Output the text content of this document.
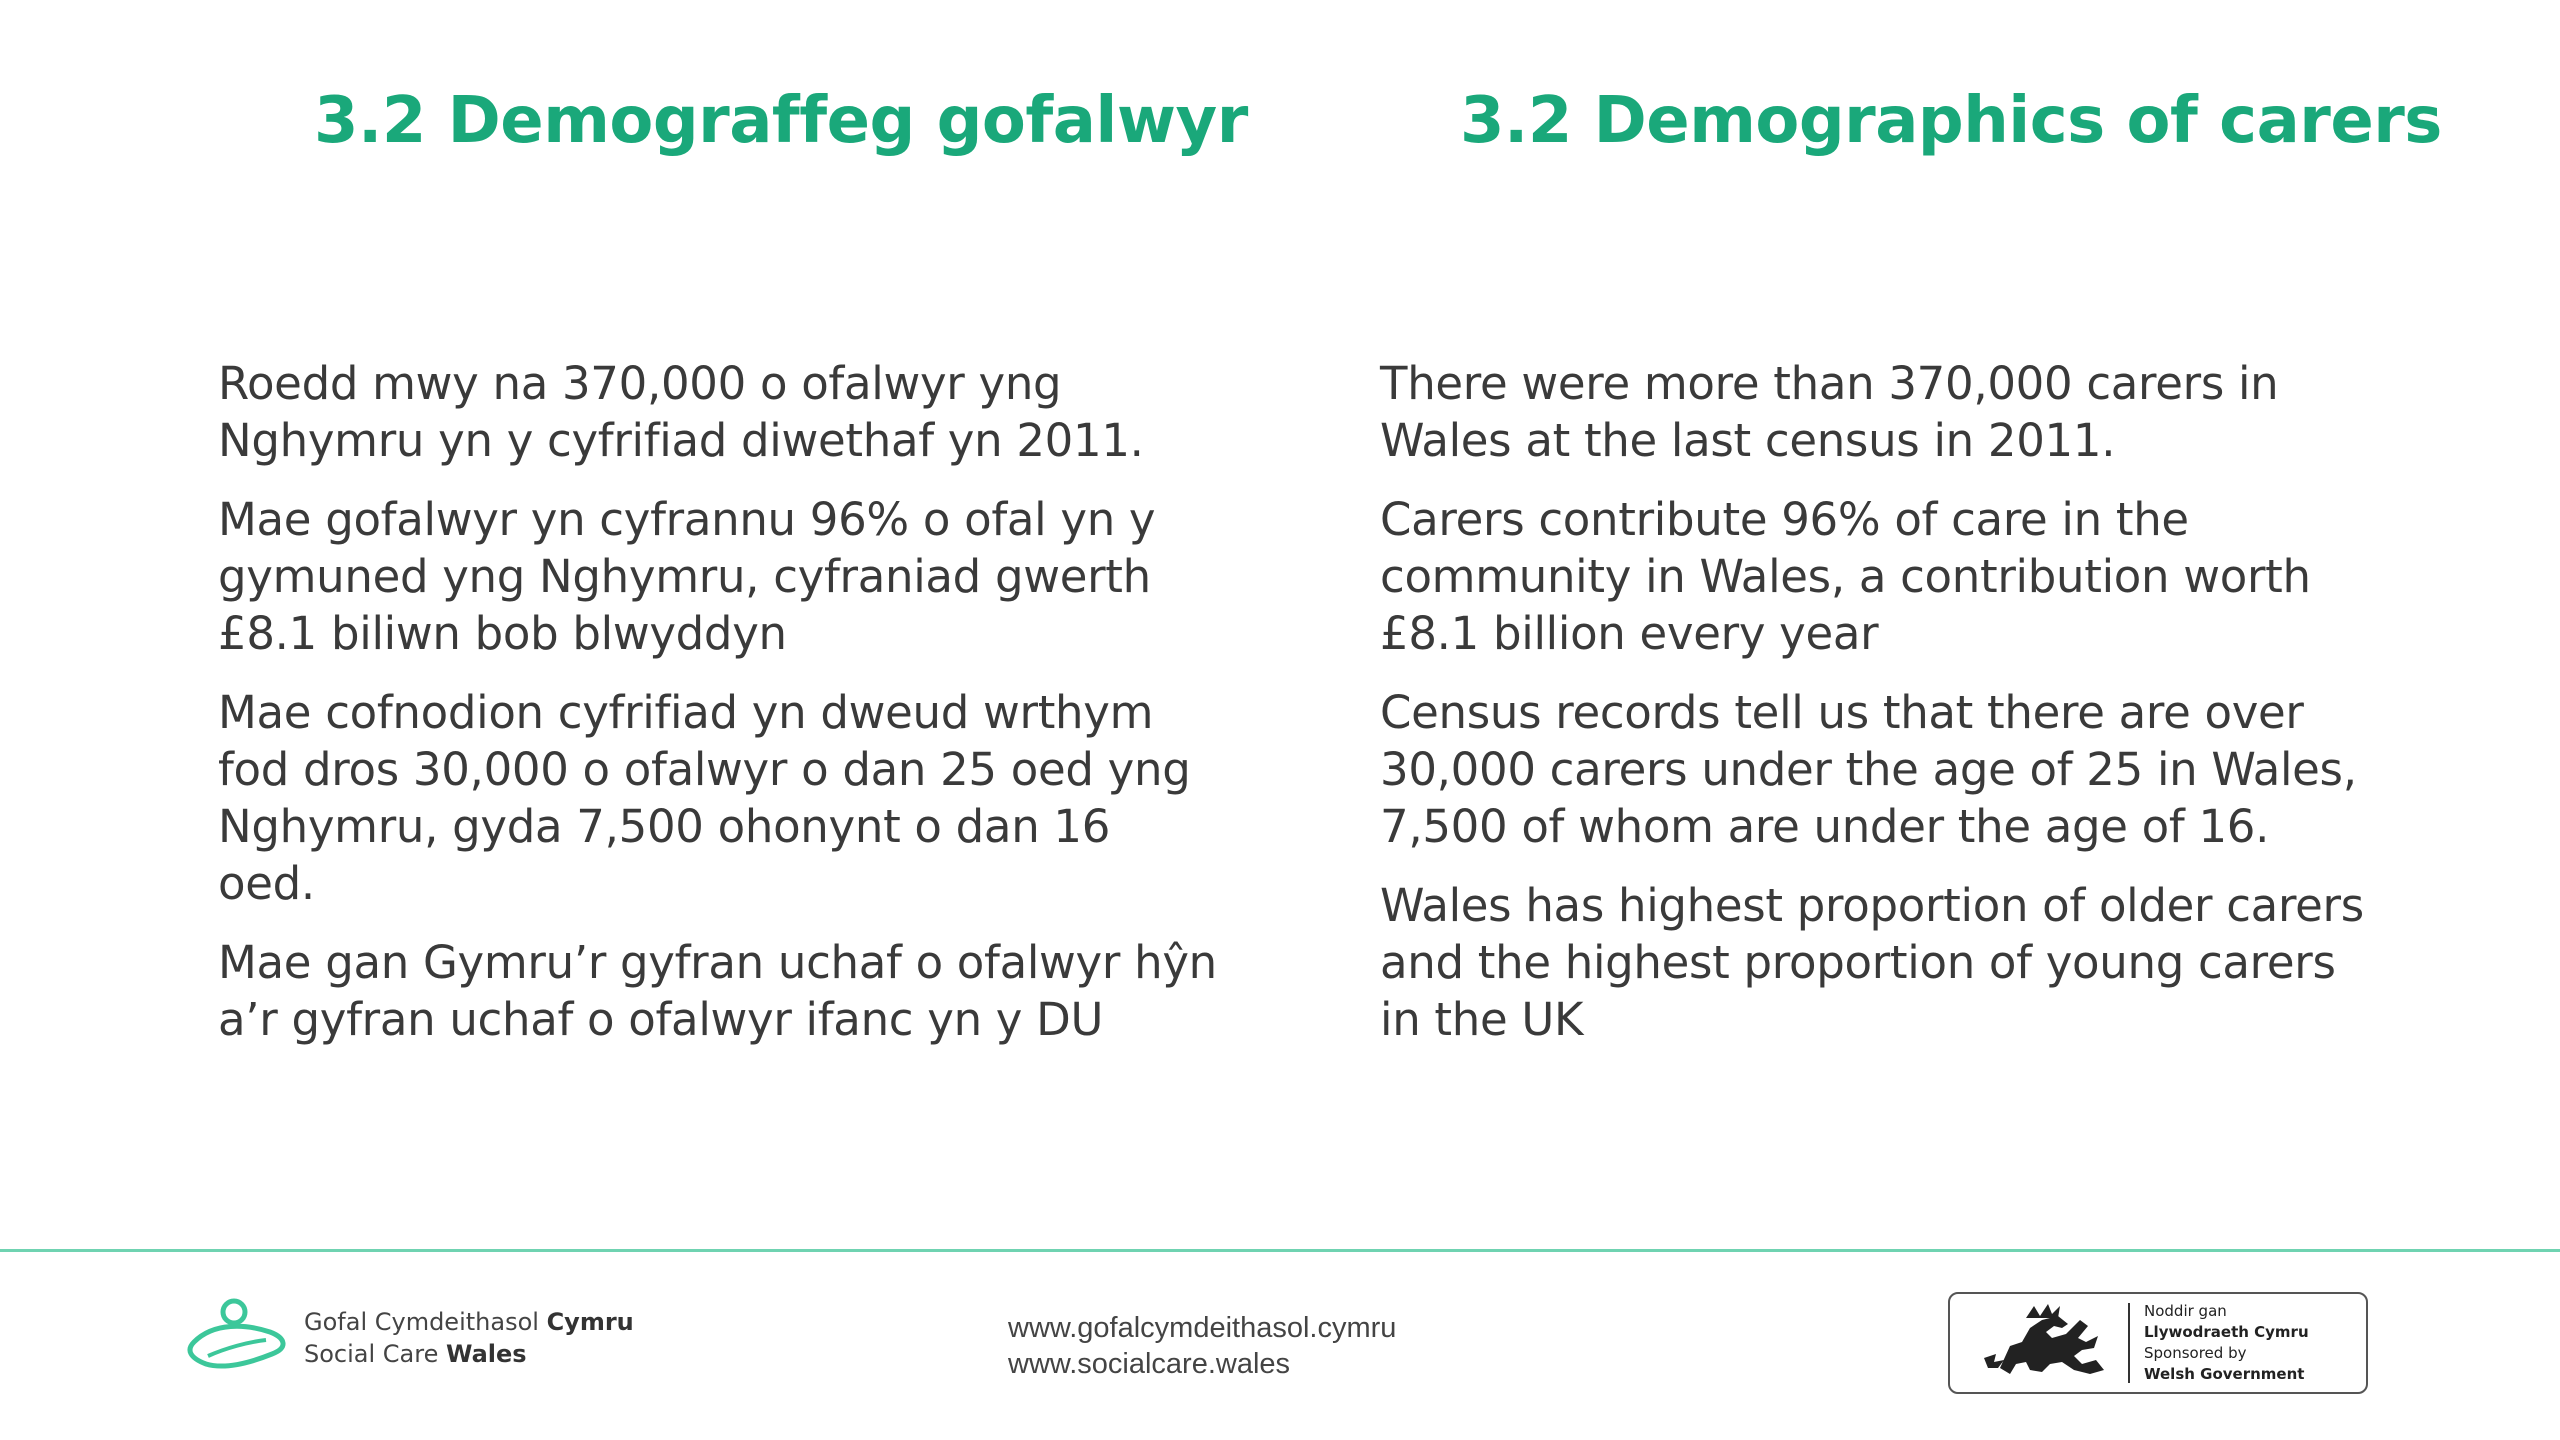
3.2 Demograffeg gofalwyr

Roedd mwy na 370,000 o ofalwyr yng Nghymru yn y cyfrifiad diwethaf yn 2011.

Mae gofalwyr yn cyfrannu 96% o ofal yn y gymuned yng Nghymru, cyfraniad gwerth £8.1 biliwn bob blwyddyn

Mae cofnodion cyfrifiad yn dweud wrthym fod dros 30,000 o ofalwyr o dan 25 oed yng Nghymru, gyda 7,500 ohonynt o dan 16 oed.

Mae gan Gymru’r gyfran uchaf o ofalwyr hŷn a’r gyfran uchaf o ofalwyr ifanc yn y DU

3.2 Demographics of carers

There were more than 370,000 carers in Wales at the last census in 2011.

Carers contribute 96% of care in the community in Wales, a contribution worth £8.1 billion every year

Census records tell us that there are over 30,000 carers under the age of 25 in Wales, 7,500 of whom are under the age of 16.

Wales has highest proportion of older carers and the highest proportion of young carers in the UK

Gofal Cymdeithasol Cymru
Social Care Wales
www.gofalcymdeithasol.cymru
www.socialcare.wales
Noddir gan
Llywodraeth Cymru
Sponsored by
Welsh Government
